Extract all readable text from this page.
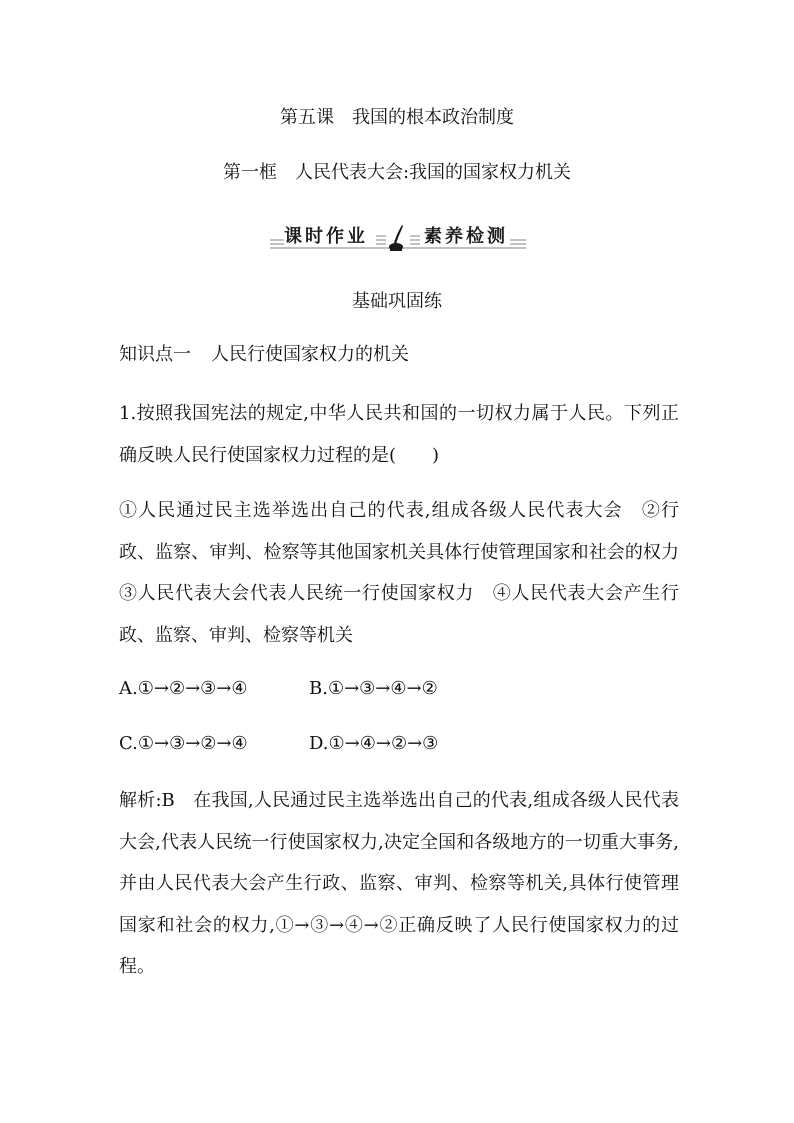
第五课　我国的根本政治制度
第一框　人民代表大会:我国的国家权力机关
课时作业	素养检测
基础巩固练
知识点一 人民行使国家权力的机关
1.按照我国宪法的规定,中华人民共和国的一切权力属于人民。下列正确反映人民行使国家权力过程的是(　　)
①人民通过民主选举选出自己的代表,组成各级人民代表大会　②行政、监察、审判、检察等其他国家机关具体行使管理国家和社会的权力　③人民代表大会代表人民统一行使国家权力　④人民代表大会产生行政、监察、审判、检察等机关
A.①→②→③→④	B.①→③→④→②
C.①→③→②→④	D.①→④→②→③
解析:B　在我国,人民通过民主选举选出自己的代表,组成各级人民代表大会,代表人民统一行使国家权力,决定全国和各级地方的一切重大事务,并由人民代表大会产生行政、监察、审判、检察等机关,具体行使管理国家和社会的权力,①→③→④→②正确反映了人民行使国家权力的过程。
